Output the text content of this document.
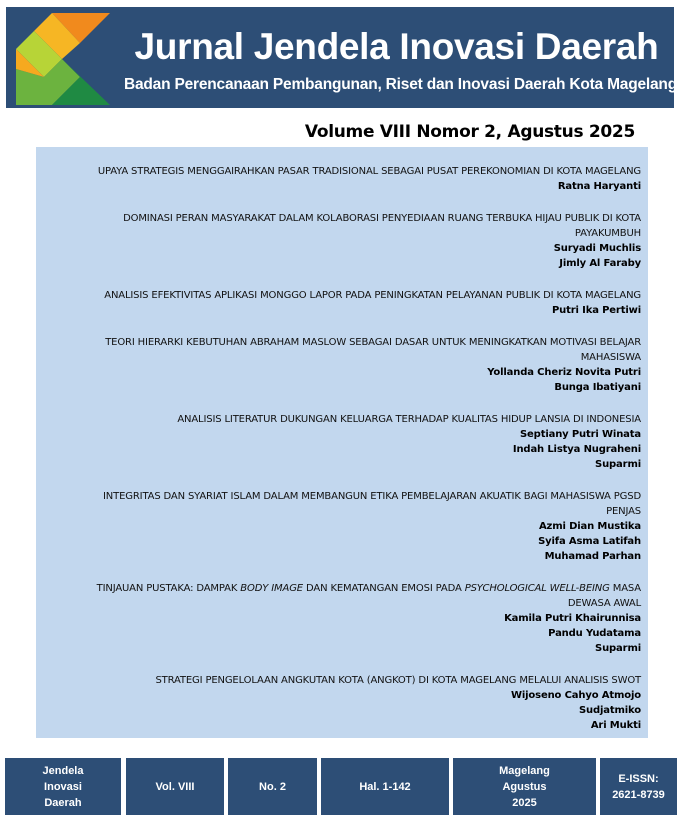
Jurnal Jendela Inovasi Daerah
Badan Perencanaan Pembangunan, Riset dan Inovasi Daerah Kota Magelang
Volume VIII Nomor 2, Agustus 2025
UPAYA STRATEGIS MENGGAIRAHKAN PASAR TRADISIONAL SEBAGAI PUSAT PEREKONOMIAN DI KOTA MAGELANG
Ratna Haryanti
DOMINASI PERAN MASYARAKAT DALAM KOLABORASI PENYEDIAAN RUANG TERBUKA HIJAU PUBLIK DI KOTA
PAYAKUMBUH
Suryadi Muchlis
Jimly Al Faraby
ANALISIS EFEKTIVITAS APLIKASI MONGGO LAPOR PADA PENINGKATAN PELAYANAN PUBLIK DI KOTA MAGELANG
Putri Ika Pertiwi
TEORI HIERARKI KEBUTUHAN ABRAHAM MASLOW SEBAGAI DASAR UNTUK MENINGKATKAN MOTIVASI BELAJAR
MAHASISWA
Yollanda Cheriz Novita Putri
Bunga Ibatiyani
ANALISIS LITERATUR DUKUNGAN KELUARGA TERHADAP KUALITAS HIDUP LANSIA DI INDONESIA
Septiany Putri Winata
Indah Listya Nugraheni
Suparmi
INTEGRITAS DAN SYARIAT ISLAM DALAM MEMBANGUN ETIKA PEMBELAJARAN AKUATIK BAGI MAHASISWA PGSD
PENJAS
Azmi Dian Mustika
Syifa Asma Latifah
Muhamad Parhan
TINJAUAN PUSTAKA: DAMPAK BODY IMAGE DAN KEMATANGAN EMOSI PADA PSYCHOLOGICAL WELL-BEING MASA
DEWASA AWAL
Kamila Putri Khairunnisa
Pandu Yudatama
Suparmi
STRATEGI PENGELOLAAN ANGKUTAN KOTA (ANGKOT) DI KOTA MAGELANG MELALUI ANALISIS SWOT
Wijoseno Cahyo Atmojo
Sudjatmiko
Ari Mukti
Jendela
Inovasi
Daerah
Vol. VIII	No. 2	Hal. 1-142
Magelang
Agustus
2025
E-ISSN:
2621-8739
